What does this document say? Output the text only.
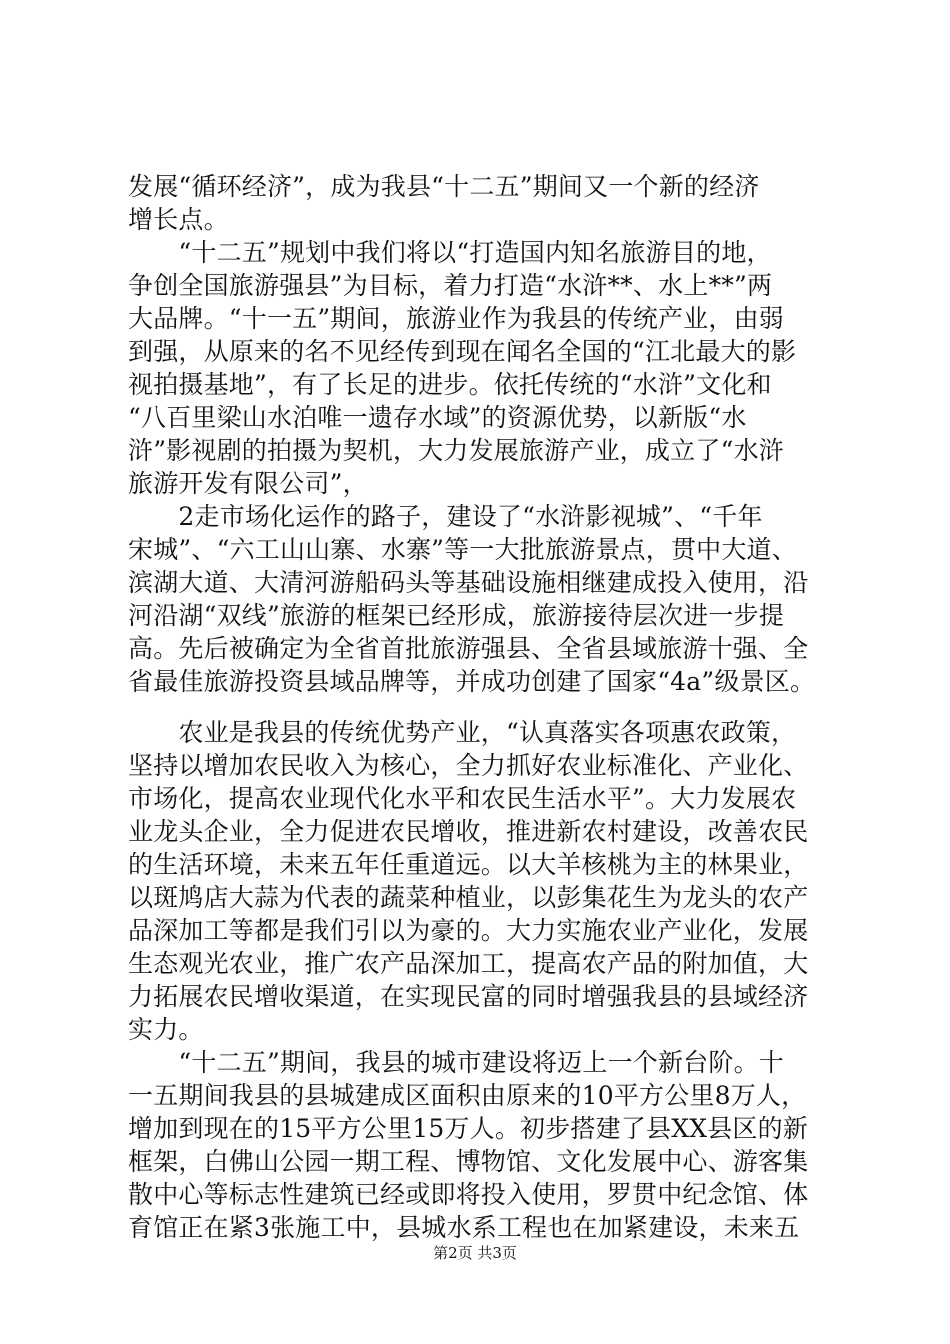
发展“循环经济”，成为我县“十二五”期间又一个新的经济
增长点。
　　“十二五”规划中我们将以“打造国内知名旅游目的地，
争创全国旅游强县”为目标，着力打造“水浒**、水上**”两
大品牌。“十一五”期间，旅游业作为我县的传统产业，由弱
到强，从原来的名不见经传到现在闻名全国的“江北最大的影
视拍摄基地”，有了长足的进步。依托传统的“水浒”文化和
“八百里梁山水泊唯一遗存水域”的资源优势，以新版“水
浒”影视剧的拍摄为契机，大力发展旅游产业，成立了“水浒
旅游开发有限公司”，
　　2走市场化运作的路子，建设了“水浒影视城”、“千年
宋城”、“六工山山寨、水寨”等一大批旅游景点，贯中大道、
滨湖大道、大清河游船码头等基础设施相继建成投入使用，沿
河沿湖“双线”旅游的框架已经形成，旅游接待层次进一步提
高。先后被确定为全省首批旅游强县、全省县域旅游十强、全
省最佳旅游投资县域品牌等，并成功创建了国家“4a”级景区。
　　农业是我县的传统优势产业，“认真落实各项惠农政策，
坚持以增加农民收入为核心，全力抓好农业标准化、产业化、
市场化，提高农业现代化水平和农民生活水平”。大力发展农
业龙头企业，全力促进农民增收，推进新农村建设，改善农民
的生活环境，未来五年任重道远。以大羊核桃为主的林果业，
以斑鸠店大蒜为代表的蔬菜种植业，以彭集花生为龙头的农产
品深加工等都是我们引以为豪的。大力实施农业产业化，发展
生态观光农业，推广农产品深加工，提高农产品的附加值，大
力拓展农民增收渠道，在实现民富的同时增强我县的县域经济
实力。
　　“十二五”期间，我县的城市建设将迈上一个新台阶。十
一五期间我县的县城建成区面积由原来的10平方公里8万人，
增加到现在的15平方公里15万人。初步搭建了县XX县区的新
框架，白佛山公园一期工程、博物馆、文化发展中心、游客集
散中心等标志性建筑已经或即将投入使用，罗贯中纪念馆、体
育馆正在紧3张施工中，县城水系工程也在加紧建设，未来五
第2页 共3页
